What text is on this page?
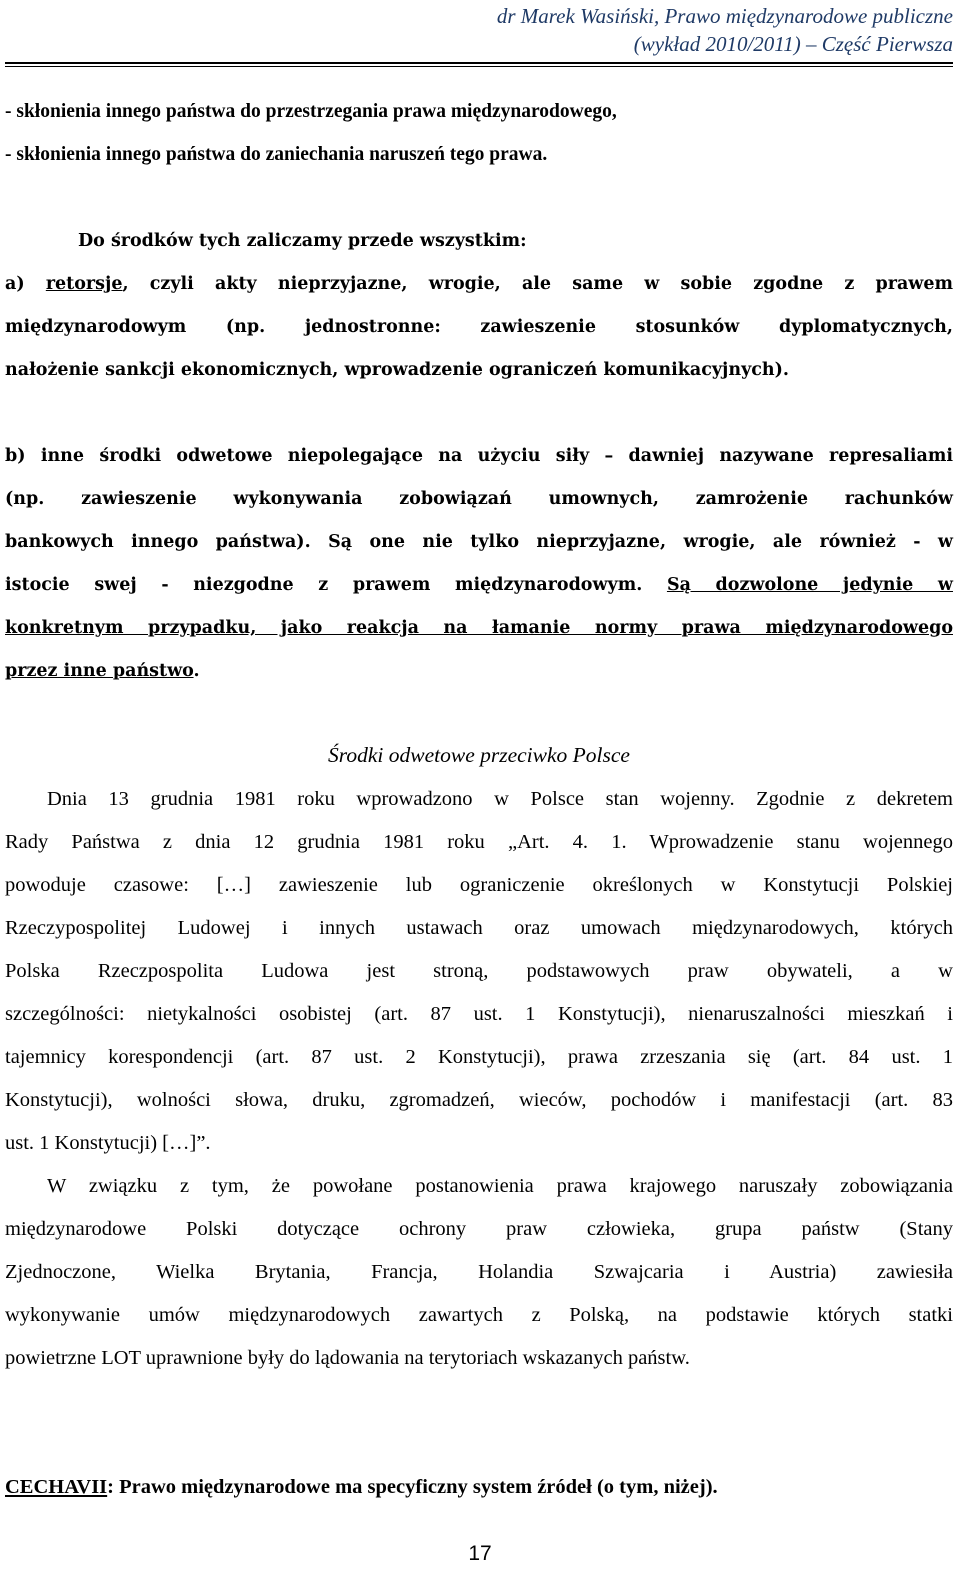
dr Marek Wasiński, Prawo międzynarodowe publiczne
(wykład 2010/2011) – Część Pierwsza
- skłonienia innego państwa do przestrzegania prawa międzynarodowego,
- skłonienia innego państwa do zaniechania naruszeń tego prawa.
Do środków tych zaliczamy przede wszystkim:
a) retorsje, czyli akty nieprzyjazne, wrogie, ale same w sobie zgodne z prawem
międzynarodowym (np. jednostronne: zawieszenie stosunków dyplomatycznych,
nałożenie sankcji ekonomicznych, wprowadzenie ograniczeń komunikacyjnych).
b) inne środki odwetowe niepolegające na użyciu siły – dawniej nazywane represaliami
(np. zawieszenie wykonywania zobowiązań umownych, zamrożenie rachunków
bankowych innego państwa). Są one nie tylko nieprzyjazne, wrogie, ale również - w
istocie swej - niezgodne z prawem międzynarodowym. Są dozwolone jedynie w
konkretnym przypadku, jako reakcja na łamanie normy prawa międzynarodowego
przez inne państwo.
Środki odwetowe przeciwko Polsce
Dnia 13 grudnia 1981 roku wprowadzono w Polsce stan wojenny. Zgodnie z dekretem
Rady Państwa z dnia 12 grudnia 1981 roku „Art. 4. 1. Wprowadzenie stanu wojennego
powoduje czasowe: […] zawieszenie lub ograniczenie określonych w Konstytucji Polskiej
Rzeczypospolitej Ludowej i innych ustawach oraz umowach międzynarodowych, których
Polska Rzeczpospolita Ludowa jest stroną, podstawowych praw obywateli, a w
szczególności: nietykalności osobistej (art. 87 ust. 1 Konstytucji), nienaruszalności mieszkań i
tajemnicy korespondencji (art. 87 ust. 2 Konstytucji), prawa zrzeszania się (art. 84 ust. 1
Konstytucji), wolności słowa, druku, zgromadzeń, wieców, pochodów i manifestacji (art. 83
ust. 1 Konstytucji) […]”.
W związku z tym, że powołane postanowienia prawa krajowego naruszały zobowiązania
międzynarodowe Polski dotyczące ochrony praw człowieka, grupa państw (Stany
Zjednoczone, Wielka Brytania, Francja, Holandia Szwajcaria i Austria) zawiesiła
wykonywanie umów międzynarodowych zawartych z Polską, na podstawie których statki
powietrzne LOT uprawnione były do lądowania na terytoriach wskazanych państw.
CECHAVII: Prawo międzynarodowe ma specyficzny system źródeł (o tym, niżej).
17
